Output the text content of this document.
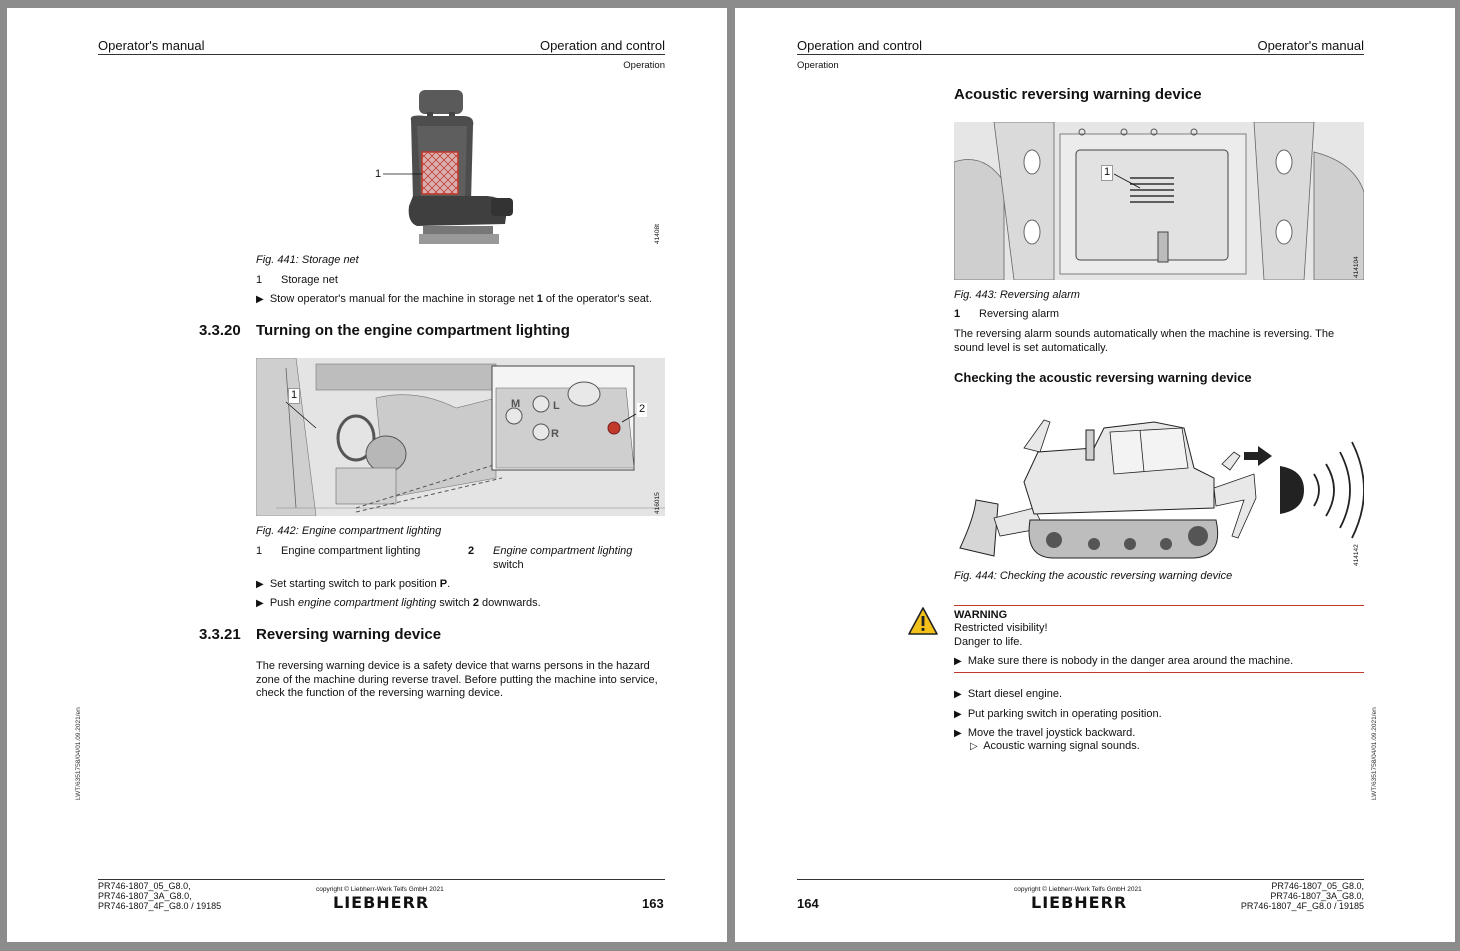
Operator's manual	Operation and control
Operation
1
41408t
Fig. 441: Storage net
1 Storage net
▶ Stow operator's manual for the machine in storage net 1 of the operator's seat.
3.3.20 Turning on the engine compartment lighting
1
2
M	L
R
416015
Fig. 442: Engine compartment lighting
1 Engine compartment lighting	2 Engine compartment lighting
switch
▶ Set starting switch to park position P.
▶ Push engine compartment lighting switch 2 downwards.
3.3.21 Reversing warning device
The reversing warning device is a safety device that warns persons in the hazard zone of the machine during reverse travel. Before putting the machine into service, check the function of the reversing warning device.
LWT/6351758/04/01.09.2021/en
PR746-1807_05_G8.0,
PR746-1807_3A_G8.0,
PR746-1807_4F_G8.0 / 19185
copyright © Liebherr-Werk Telfs GmbH 2021
LIEBHERR	163
Operation and control	Operator's manual
Operation
Acoustic reversing warning device
1
414104
Fig. 443: Reversing alarm
1 Reversing alarm
The reversing alarm sounds automatically when the machine is reversing. The sound level is set automatically.
Checking the acoustic reversing warning device
414142
Fig. 444: Checking the acoustic reversing warning device
WARNING
Restricted visibility!
Danger to life.
▶ Make sure there is nobody in the danger area around the machine.
▶ Start diesel engine.
▶ Put parking switch in operating position.
▶ Move the travel joystick backward.
▷ Acoustic warning signal sounds.	LWT/6351758/04/01.09.2021/en
164
copyright © Liebherr-Werk Telfs GmbH 2021
LIEBHERR
PR746-1807_05_G8.0,
PR746-1807_3A_G8.0,
PR746-1807_4F_G8.0 / 19185
